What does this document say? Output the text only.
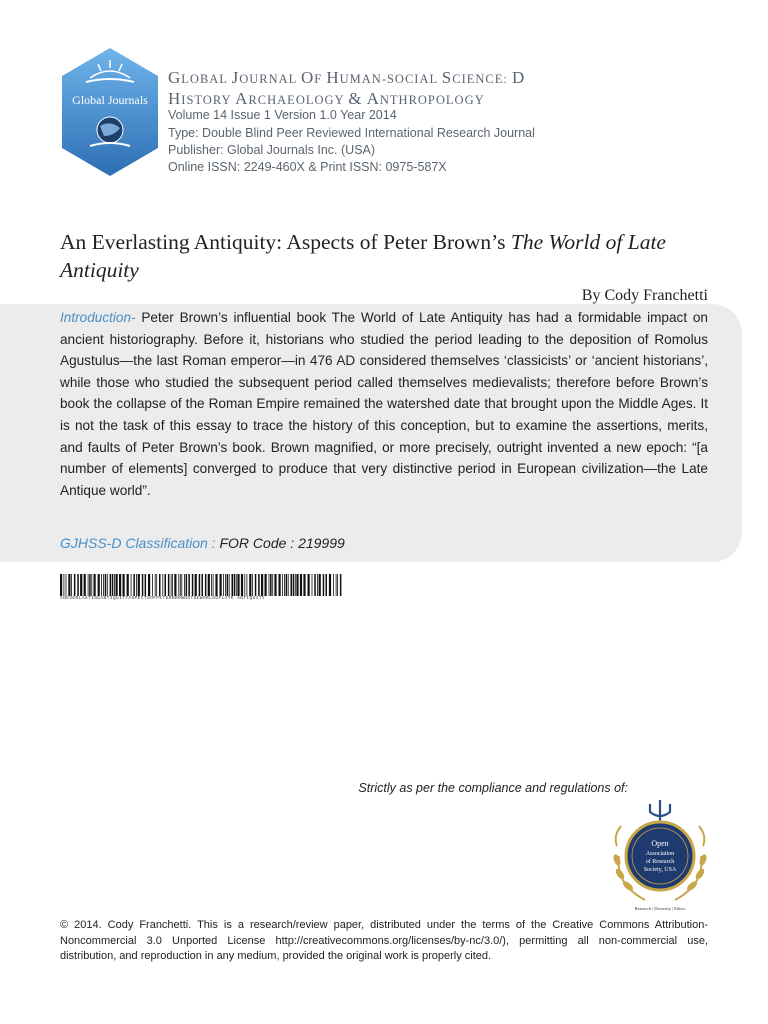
Global Journals
GLOBAL JOURNAL OF HUMAN-SOCIAL SCIENCE: D
HISTORY ARCHAEOLOGY & ANTHROPOLOGY
Volume 14 Issue 1 Version 1.0 Year 2014
Type: Double Blind Peer Reviewed International Research Journal
Publisher: Global Journals Inc. (USA)
Online ISSN: 2249-460X & Print ISSN: 0975-587X
An Everlasting Antiquity: Aspects of Peter Brown’s The World of Late Antiquity
By Cody Franchetti
Introduction- Peter Brown’s influential book The World of Late Antiquity has had a formidable impact on ancient historiography. Before it, historians who studied the period leading to the deposition of Romolus Agustulus—the last Roman emperor—in 476 AD considered themselves ‘classicists’ or ‘ancient historians’, while those who studied the subsequent period called themselves medievalists; therefore before Brown’s book the collapse of the Roman Empire remained the watershed date that brought upon the Middle Ages. It is not the task of this essay to trace the history of this conception, but to examine the assertions, merits, and faults of Peter Brown’s book. Brown magnified, or more precisely, outright invented a new epoch: “[a number of elements] converged to produce that very distinctive period in European civilization—the Late Antique world”.
GJHSS-D Classification : FOR Code : 219999
ANEVERLASTINGANTIQUITYASPECTSOFPETERBROWNSTHEWORLDOFLATE ANTIQUITY
Strictly as per the compliance and regulations of:
Open
Association
of Research
Society, USA
Research | Diversity | Ethics
© 2014. Cody Franchetti. This is a research/review paper, distributed under the terms of the Creative Commons Attribution-Noncommercial 3.0 Unported License http://creativecommons.org/licenses/by-nc/3.0/), permitting all non-commercial use, distribution, and reproduction in any medium, provided the original work is properly cited.
